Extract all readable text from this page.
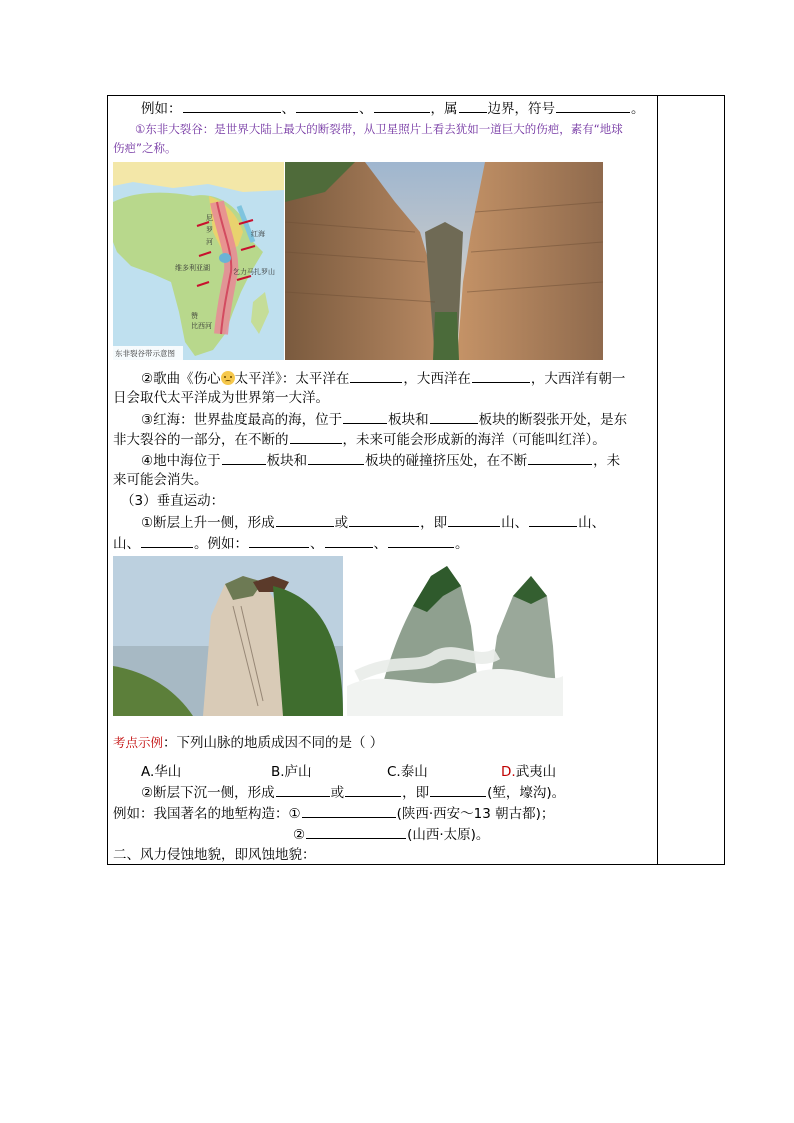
例如：	、	、	，属 边界，符号	。
①东非大裂谷：是世界大陆上最大的断裂带，从卫星照片上看去犹如一道巨大的伤疤，素有“地球
伤疤”之称。
尼
罗
河
红海
维多利亚湖	乞力马扎罗山
赞
比西河
东非裂谷带示意图
②歌曲《伤心 太平洋》：太平洋在	，大西洋在	，大西洋有朝一
日会取代太平洋成为世界第一大洋。
③红海：世界盐度最高的海，位于	板块和	板块的断裂张开处，是东
非大裂谷的一部分，在不断的	，未来可能会形成新的海洋（可能叫红洋）。
④地中海位于	板块和	板块的碰撞挤压处，在不断	，未
来可能会消失。
（3）垂直运动：
①断层上升一侧，形成	或	，即	山、	山、
山、	。例如：	、	、	。
考点示例：下列山脉的地质成因不同的是（ ）
A.华山	B.庐山	C.泰山	D.武夷山
②断层下沉一侧，形成	或	，即	(堑，壕沟)。
例如：我国著名的地堑构造：①	(陕西·西安～13 朝古都)；
②	(山西·太原)。
二、风力侵蚀地貌，即风蚀地貌：
